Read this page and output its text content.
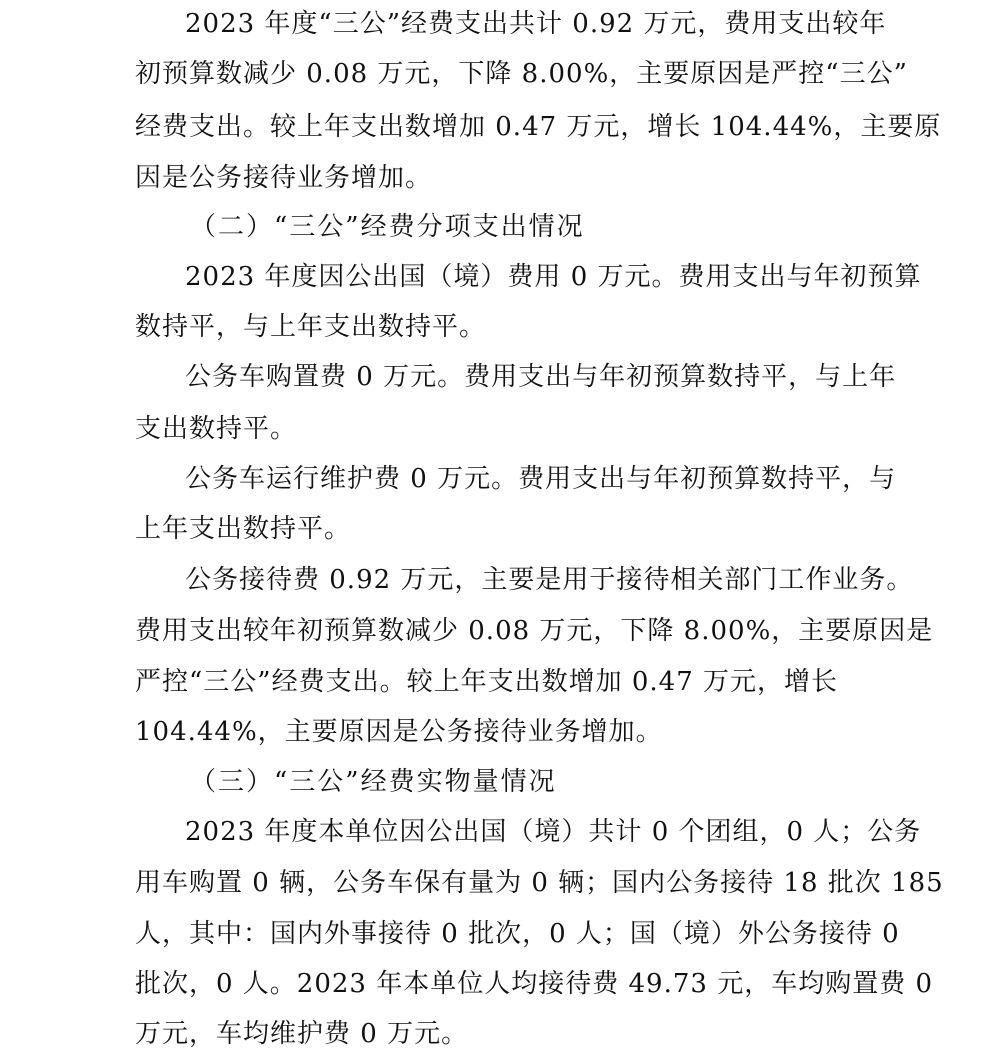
2023 年度“三公”经费支出共计 0.92 万元，费用支出较年
初预算数减少 0.08 万元，下降 8.00%，主要原因是严控“三公”
经费支出。较上年支出数增加 0.47 万元，增长 104.44%，主要原
因是公务接待业务增加。
（二）“三公”经费分项支出情况
2023 年度因公出国（境）费用 0 万元。费用支出与年初预算
数持平，与上年支出数持平。
公务车购置费 0 万元。费用支出与年初预算数持平，与上年
支出数持平。
公务车运行维护费 0 万元。费用支出与年初预算数持平，与
上年支出数持平。
公务接待费 0.92 万元，主要是用于接待相关部门工作业务。
费用支出较年初预算数减少 0.08 万元，下降 8.00%，主要原因是
严控“三公”经费支出。较上年支出数增加 0.47 万元，增长
104.44%，主要原因是公务接待业务增加。
（三）“三公”经费实物量情况
2023 年度本单位因公出国（境）共计 0 个团组，0 人；公务
用车购置 0 辆，公务车保有量为 0 辆；国内公务接待 18 批次 185
人，其中：国内外事接待 0 批次，0 人；国（境）外公务接待 0
批次，0 人。2023 年本单位人均接待费 49.73 元，车均购置费 0
万元，车均维护费 0 万元。
